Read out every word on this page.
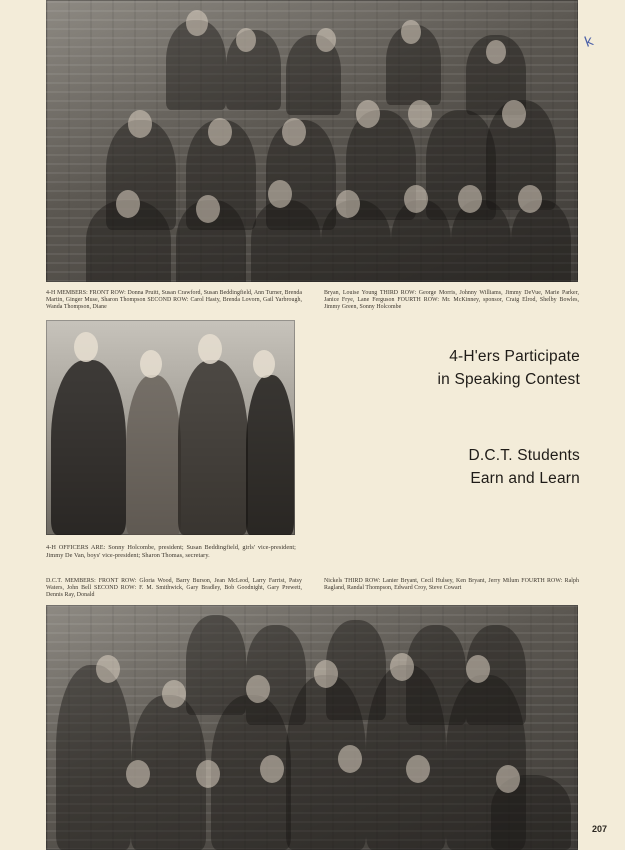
k
4-H MEMBERS: FRONT ROW: Donna Pruitt, Susan Crawford, Susan Beddingfield, Ann Turner, Brenda Martin, Ginger Muse, Sharon Thompson SECOND ROW: Carol Hasty, Brenda Lovorn, Gail Yarbrough, Wanda Thompson, Diane
Bryan, Louise Young THIRD ROW: George Morris, Johnny Williams, Jimmy DeVue, Marie Parker, Janice Frye, Lane Ferguson FOURTH ROW: Mr. McKinney, sponsor, Craig Elrod, Shelby Bowles, Jimmy Green, Sonny Holcombe
4-H OFFICERS ARE: Sonny Holcombe, president; Susan Beddingfield, girls' vice-president; Jimmy De Van, boys' vice-president; Sharon Thomas, secretary.
4-H'ers Participate
in Speaking Contest
D.C.T. Students
Earn and Learn
D.C.T. MEMBERS: FRONT ROW: Gloria Wood, Barry Burson, Jean McLeod, Larry Farrist, Patsy Waters, John Bell SECOND ROW: F. M. Smithwick, Gary Bradley, Bob Goodnight, Gary Prewett, Dennis Ray, Donald
Nickels THIRD ROW: Lanier Bryant, Cecil Hulsey, Ken Bryant, Jerry Milum FOURTH ROW: Ralph Ragland, Randal Thompson, Edward Croy, Steve Cowart
207
